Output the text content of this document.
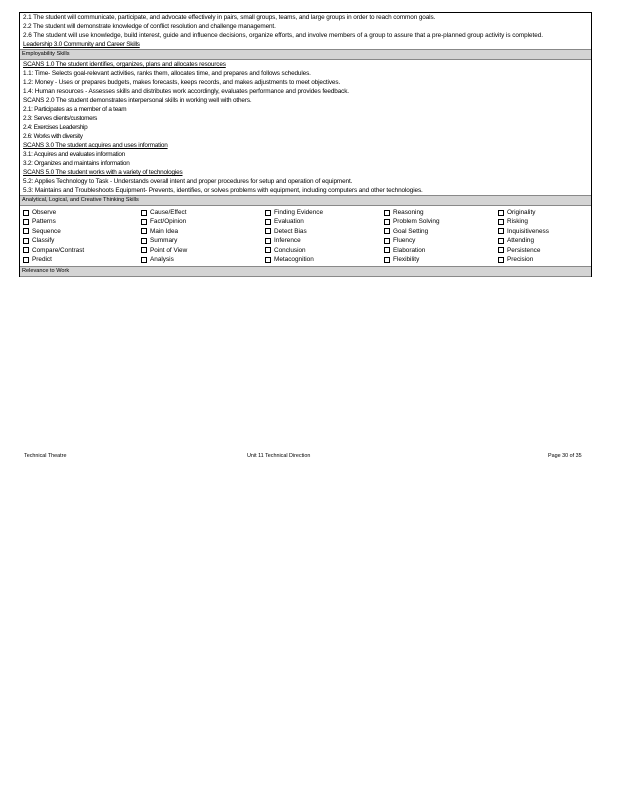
2.1 The student will communicate, participate, and advocate effectively in pairs, small groups, teams, and large groups in order to reach common goals.
2.2 The student will demonstrate knowledge of conflict resolution and challenge management.
2.6 The student will use knowledge, build interest, guide and influence decisions, organize efforts, and involve members of a group to assure that a pre-planned group activity is completed.
Leadership 3.0 Community and Career Skills
Employability Skills
SCANS 1.0 The student identifies, organizes, plans and allocates resources
1.1: Time- Selects goal-relevant activities, ranks them, allocates time, and prepares and follows schedules.
1.2: Money - Uses or prepares budgets, makes forecasts, keeps records, and makes adjustments to meet objectives.
1.4: Human resources - Assesses skills and distributes work accordingly, evaluates performance and provides feedback.
SCANS 2.0 The student demonstrates interpersonal skills in working well with others.
2.1: Participates as a member of a team
2.3: Serves clients/customers
2.4: Exercises Leadership
2.6: Works with diversity
SCANS 3.0 The student acquires and uses information
3.1: Acquires and evaluates information
3.2: Organizes and maintains information
SCANS 5.0 The student works with a variety of technologies
5.2: Applies Technology to Task - Understands overall intent and proper procedures for setup and operation of equipment.
5.3: Maintains and Troubleshoots Equipment- Prevents, identifies, or solves problems with equipment, including computers and other technologies.
Analytical, Logical, and Creative Thinking Skills
Observe	Cause/Effect	Finding Evidence	Reasoning	Originality
Patterns	Fact/Opinion	Evaluation	Problem Solving	Risking
Sequence	Main Idea	Detect Bias	Goal Setting	Inquisitiveness
Classify	Summary	Inference	Fluency	Attending
Compare/Contrast	Point of View	Conclusion	Elaboration	Persistence
Predict	Analysis	Metacognition	Flexibility	Precision
Relevance to Work
Technical Theatre	Unit 11 Technical Direction	Page 30 of 35
